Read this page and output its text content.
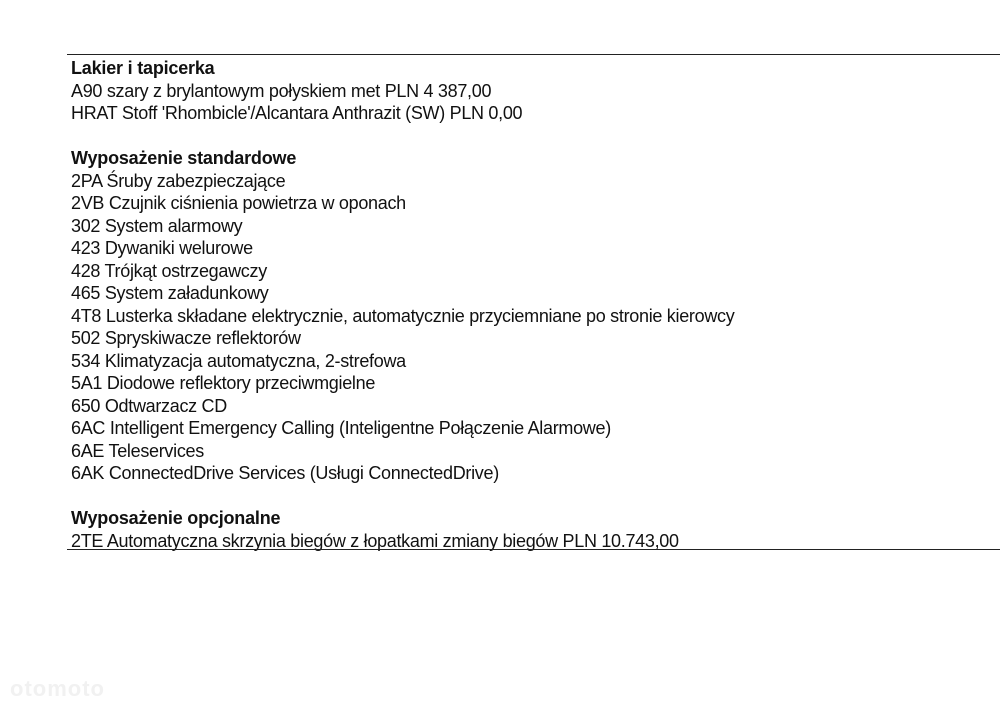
Lakier i tapicerka
A90 szary z brylantowym połyskiem met PLN 4 387,00
HRAT Stoff 'Rhombicle'/Alcantara Anthrazit (SW) PLN 0,00
Wyposażenie standardowe
2PA Śruby zabezpieczające
2VB Czujnik ciśnienia powietrza w oponach
302 System alarmowy
423 Dywaniki welurowe
428 Trójkąt ostrzegawczy
465 System załadunkowy
4T8 Lusterka składane elektrycznie, automatycznie przyciemniane po stronie kierowcy
502 Spryskiwacze reflektorów
534 Klimatyzacja automatyczna, 2-strefowa
5A1 Diodowe reflektory przeciwmgielne
650 Odtwarzacz CD
6AC Intelligent Emergency Calling (Inteligentne Połączenie Alarmowe)
6AE Teleservices
6AK ConnectedDrive Services (Usługi ConnectedDrive)
Wyposażenie opcjonalne
2TE Automatyczna skrzynia biegów z łopatkami zmiany biegów PLN 10.743,00
otomoto
